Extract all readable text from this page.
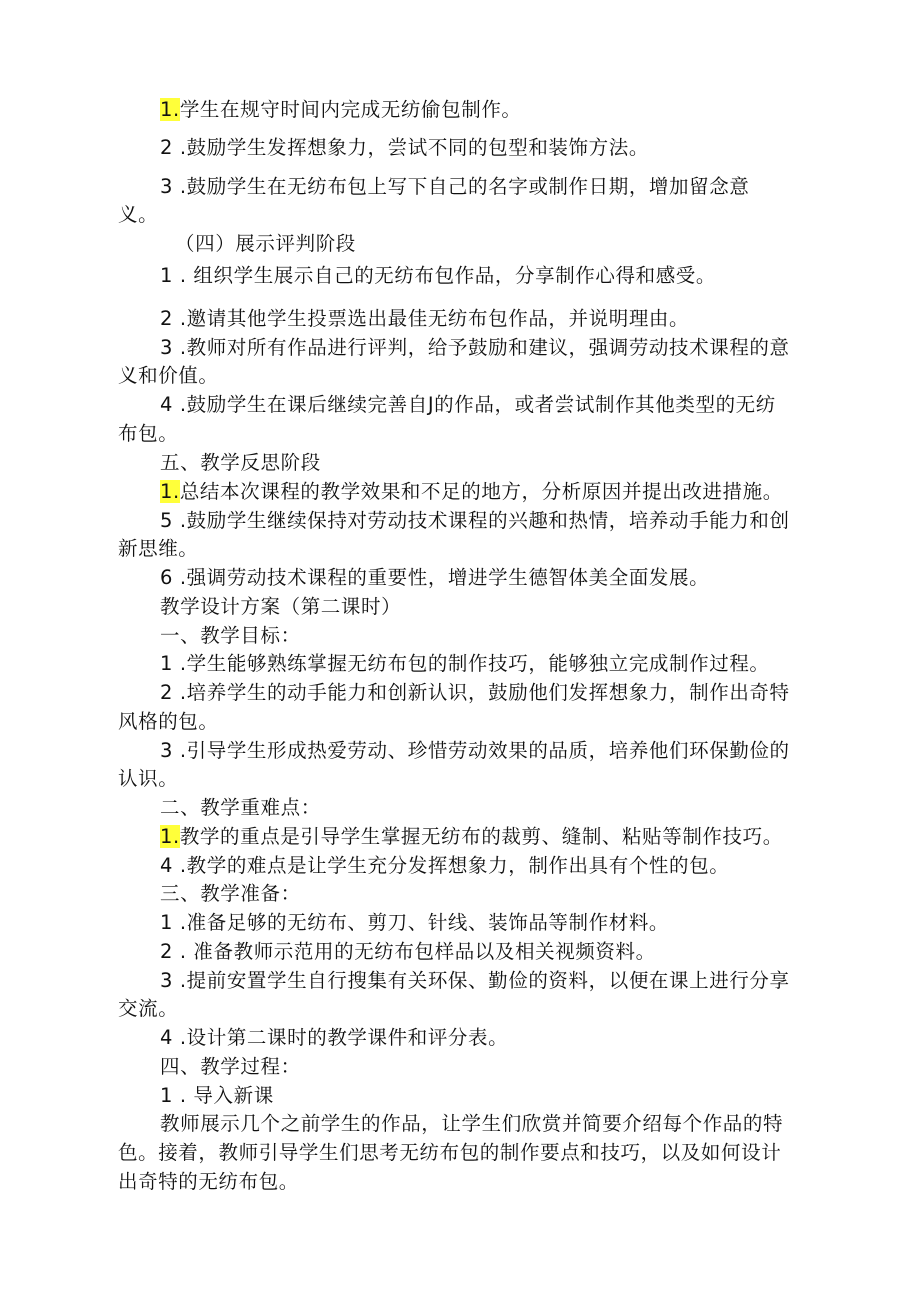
1.学生在规守时间内完成无纺偷包制作。
2 .鼓励学生发挥想象力，尝试不同的包型和装饰方法。
3 .鼓励学生在无纺布包上写下自己的名字或制作日期，增加留念意
义。
（四）展示评判阶段
1 . 组织学生展示自己的无纺布包作品，分享制作心得和感受。
2 .邀请其他学生投票选出最佳无纺布包作品，并说明理由。
3 .教师对所有作品进行评判，给予鼓励和建议，强调劳动技术课程的意
义和价值。
4 .鼓励学生在课后继续完善自J的作品，或者尝试制作其他类型的无纺
布包。
五、教学反思阶段
1.总结本次课程的教学效果和不足的地方，分析原因并提出改进措施。
5 .鼓励学生继续保持对劳动技术课程的兴趣和热情，培养动手能力和创
新思维。
6 .强调劳动技术课程的重要性，增进学生德智体美全面发展。
教学设计方案（第二课时）
一、教学目标：
1 .学生能够熟练掌握无纺布包的制作技巧，能够独立完成制作过程。
2 .培养学生的动手能力和创新认识，鼓励他们发挥想象力，制作出奇特
风格的包。
3 .引导学生形成热爱劳动、珍惜劳动效果的品质，培养他们环保勤俭的
认识。
二、教学重难点：
1.教学的重点是引导学生掌握无纺布的裁剪、缝制、粘贴等制作技巧。
4 .教学的难点是让学生充分发挥想象力，制作出具有个性的包。
三、教学准备：
1 .准备足够的无纺布、剪刀、针线、装饰品等制作材料。
2 . 准备教师示范用的无纺布包样品以及相关视频资料。
3 .提前安置学生自行搜集有关环保、勤俭的资料，以便在课上进行分享
交流。
4 .设计第二课时的教学课件和评分表。
四、教学过程：
1 . 导入新课
教师展示几个之前学生的作品，让学生们欣赏并简要介绍每个作品的特
色。接着，教师引导学生们思考无纺布包的制作要点和技巧，以及如何设计
出奇特的无纺布包。
